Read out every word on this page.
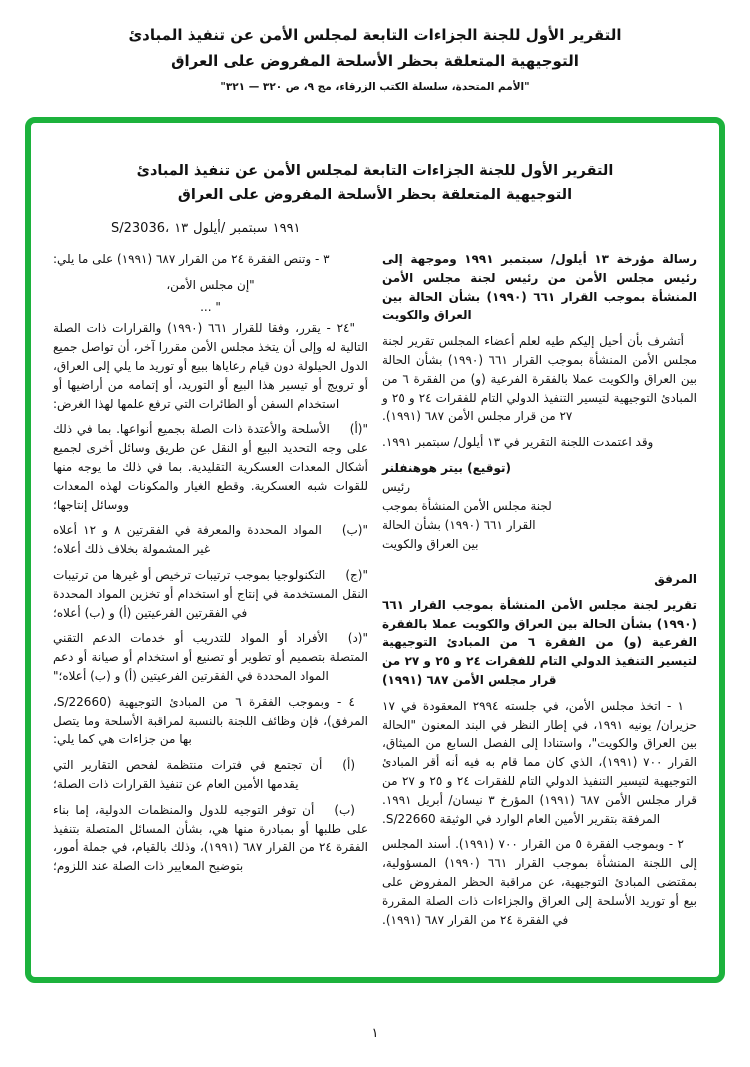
التقرير الأول للجنة الجزاءات التابعة لمجلس الأمن عن تنفيذ المبادئ
التوجيهية المتعلقة بحظر الأسلحة المفروض على العراق
"الأمم المتحدة، سلسلة الكتب الزرقاء، مج ٩، ص ٣٢٠ — ٣٢١"
التقرير الأول للجنة الجزاءات التابعة لمجلس الأمن عن تنفيذ المبادئ
التوجيهية المتعلقة بحظر الأسلحة المفروض على العراق
S/23036، ١٣ أيلول/ سبتمبر ١٩٩١

رسالة مؤرخة ١٣ أيلول/ سبتمبر ١٩٩١ وموجهة إلى رئيس مجلس الأمن من رئيس لجنة مجلس الأمن المنشأة بموجب القرار ٦٦١ (١٩٩٠) بشأن الحالة بين العراق والكويت

أتشرف بأن أحيل إليكم طيه لعلم أعضاء المجلس تقرير لجنة مجلس الأمن المنشأة بموجب القرار ٦٦١ (١٩٩٠) بشأن الحالة بين العراق والكويت عملا بالفقرة الفرعية (و) من الفقرة ٦ من المبادئ التوجيهية لتيسير التنفيذ الدولي التام للفقرات ٢٤ و ٢٥ و ٢٧ من قرار مجلس الأمن ٦٨٧ (١٩٩١).

وقد اعتمدت اللجنة التقرير في ١٣ أيلول/ سبتمبر ١٩٩١.

(توقيع) بيتر هوهنفلنر
رئيس
لجنة مجلس الأمن المنشأة بموجب
القرار ٦٦١ (١٩٩٠) بشأن الحالة
بين العراق والكويت

المرفق

تقرير لجنة مجلس الأمن المنشأة بموجب القرار ٦٦١ (١٩٩٠) بشأن الحالة بين العراق والكويت عملا بالفقرة الفرعية (و) من الفقرة ٦ من المبادئ التوجيهية لتيسير التنفيذ الدولي التام للفقرات ٢٤ و ٢٥ و ٢٧ من قرار مجلس الأمن ٦٨٧ (١٩٩١)

١ - اتخذ مجلس الأمن، في جلسته ٢٩٩٤ المعقودة في ١٧ حزيران/ يونيه ١٩٩١، في إطار النظر في البند المعنون "الحالة بين العراق والكويت"، واستنادا إلى الفصل السابع من الميثاق، القرار ٧٠٠ (١٩٩١)، الذي كان مما قام به فيه أنه أقر المبادئ التوجيهية لتيسير التنفيذ الدولي التام للفقرات ٢٤ و ٢٥ و ٢٧ من قرار مجلس الأمن ٦٨٧ (١٩٩١) المؤرخ ٣ نيسان/ أبريل ١٩٩١. المرفقة بتقرير الأمين العام الوارد في الوثيقة S/22660.

٢ - وبموجب الفقرة ٥ من القرار ٧٠٠ (١٩٩١). أسند المجلس إلى اللجنة المنشأة بموجب القرار ٦٦١ (١٩٩٠) المسؤولية، بمقتضى المبادئ التوجيهية، عن مراقبة الحظر المفروض على بيع أو توريد الأسلحة إلى العراق والجزاءات ذات الصلة المقررة في الفقرة ٢٤ من القرار ٦٨٧ (١٩٩١).

٣ - وتنص الفقرة ٢٤ من القرار ٦٨٧ (١٩٩١) على ما يلي:

"إن مجلس الأمن،

" ...

"٢٤ - يقرر، وفقا للقرار ٦٦١ (١٩٩٠) والقرارات ذات الصلة التالية له وإلى أن يتخذ مجلس الأمن مقررا آخر، أن تواصل جميع الدول الحيلولة دون قيام رعاياها ببيع أو توريد ما يلي إلى العراق، أو ترويج أو تيسير هذا البيع أو التوريد، أو إتمامه من أراضيها أو استخدام السفن أو الطائرات التي ترفع علمها لهذا الغرض:

"(أ)الأسلحة والأعتدة ذات الصلة بجميع أنواعها. بما في ذلك على وجه التحديد البيع أو النقل عن طريق وسائل أخرى لجميع أشكال المعدات العسكرية التقليدية. بما في ذلك ما يوجه منها للقوات شبه العسكرية. وقطع الغيار والمكونات لهذه المعدات ووسائل إنتاجها؛

"(ب)المواد المحددة والمعرفة في الفقرتين ٨ و ١٢ أعلاه غير المشمولة بخلاف ذلك أعلاه؛

"(ج)التكنولوجيا بموجب ترتيبات ترخيص أو غيرها من ترتيبات النقل المستخدمة في إنتاج أو استخدام أو تخزين المواد المحددة في الفقرتين الفرعيتين (أ) و (ب) أعلاه؛

"(د)الأفراد أو المواد للتدريب أو خدمات الدعم التقني المتصلة بتصميم أو تطوير أو تصنيع أو استخدام أو صيانة أو دعم المواد المحددة في الفقرتين الفرعيتين (أ) و (ب) أعلاه؛"

٤ - وبموجب الفقرة ٦ من المبادئ التوجيهية (S/22660، المرفق)، فإن وظائف اللجنة بالنسبة لمراقبة الأسلحة وما يتصل بها من جزاءات هي كما يلي:

(أ)أن تجتمع في فترات منتظمة لفحص التقارير التي يقدمها الأمين العام عن تنفيذ القرارات ذات الصلة؛

(ب)أن توفر التوجيه للدول والمنظمات الدولية، إما بناء على طلبها أو بمبادرة منها هي، بشأن المسائل المتصلة بتنفيذ الفقرة ٢٤ من القرار ٦٨٧ (١٩٩١)، وذلك بالقيام، في جملة أمور، بتوضيح المعايير ذات الصلة عند اللزوم؛

١
